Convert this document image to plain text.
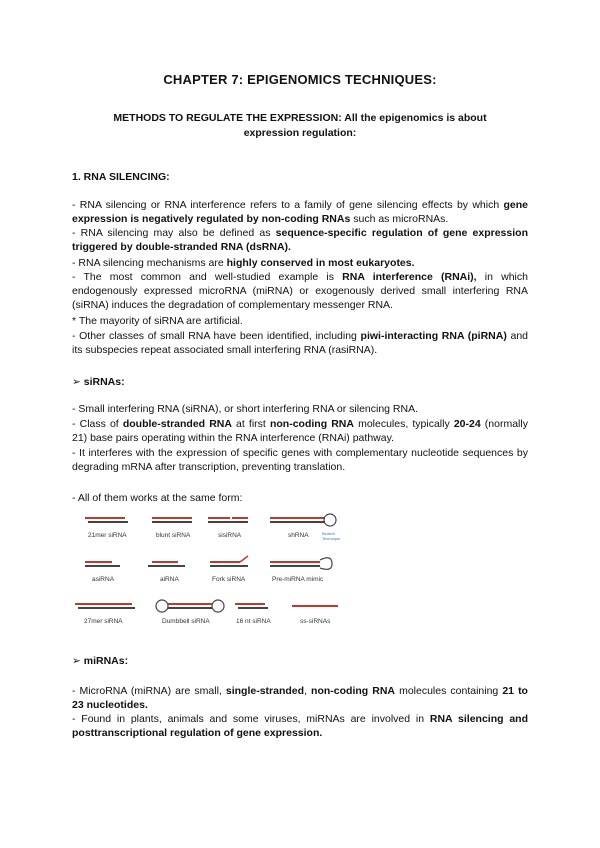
CHAPTER 7: EPIGENOMICS TECHNIQUES:
METHODS TO REGULATE THE EXPRESSION: All the epigenomics is about expression regulation:
1. RNA SILENCING:

- RNA silencing or RNA interference refers to a family of gene silencing effects by which gene expression is negatively regulated by non-coding RNAs such as microRNAs.

- RNA silencing may also be defined as sequence-specific regulation of gene expression triggered by double-stranded RNA (dsRNA).

- RNA silencing mechanisms are highly conserved in most eukaryotes.

- The most common and well-studied example is RNA interference (RNAi), in which endogenously expressed microRNA (miRNA) or exogenously derived small interfering RNA (siRNA) induces the degradation of complementary messenger RNA.

* The mayority of siRNA are artificial.

- Other classes of small RNA have been identified, including piwi-interacting RNA (piRNA) and its subspecies repeat associated small interfering RNA (rasiRNA).

➢ siRNAs:

- Small interfering RNA (siRNA), or short interfering RNA or silencing RNA.

- Class of double-stranded RNA at first non-coding RNA molecules, typically 20-24 (normally 21) base pairs operating within the RNA interference (RNAi) pathway.

- It interferes with the expression of specific genes with complementary nucleotide sequences by degrading mRNA after transcription, preventing translation.

- All of them works at the same form:

21mer siRNA	blunt siRNA	sisiRNA	shRNA	Biotech
Technique
asiRNA	aiRNA	Fork siRNA	Pre-miRNA mimic
27mer siRNA	Dumbbell siRNA	16 nt siRNA	ss-siRNAs
➢ miRNAs:

- MicroRNA (miRNA) are small, single-stranded, non-coding RNA molecules containing 21 to 23 nucleotides.

- Found in plants, animals and some viruses, miRNAs are involved in RNA silencing and posttranscriptional regulation of gene expression.
